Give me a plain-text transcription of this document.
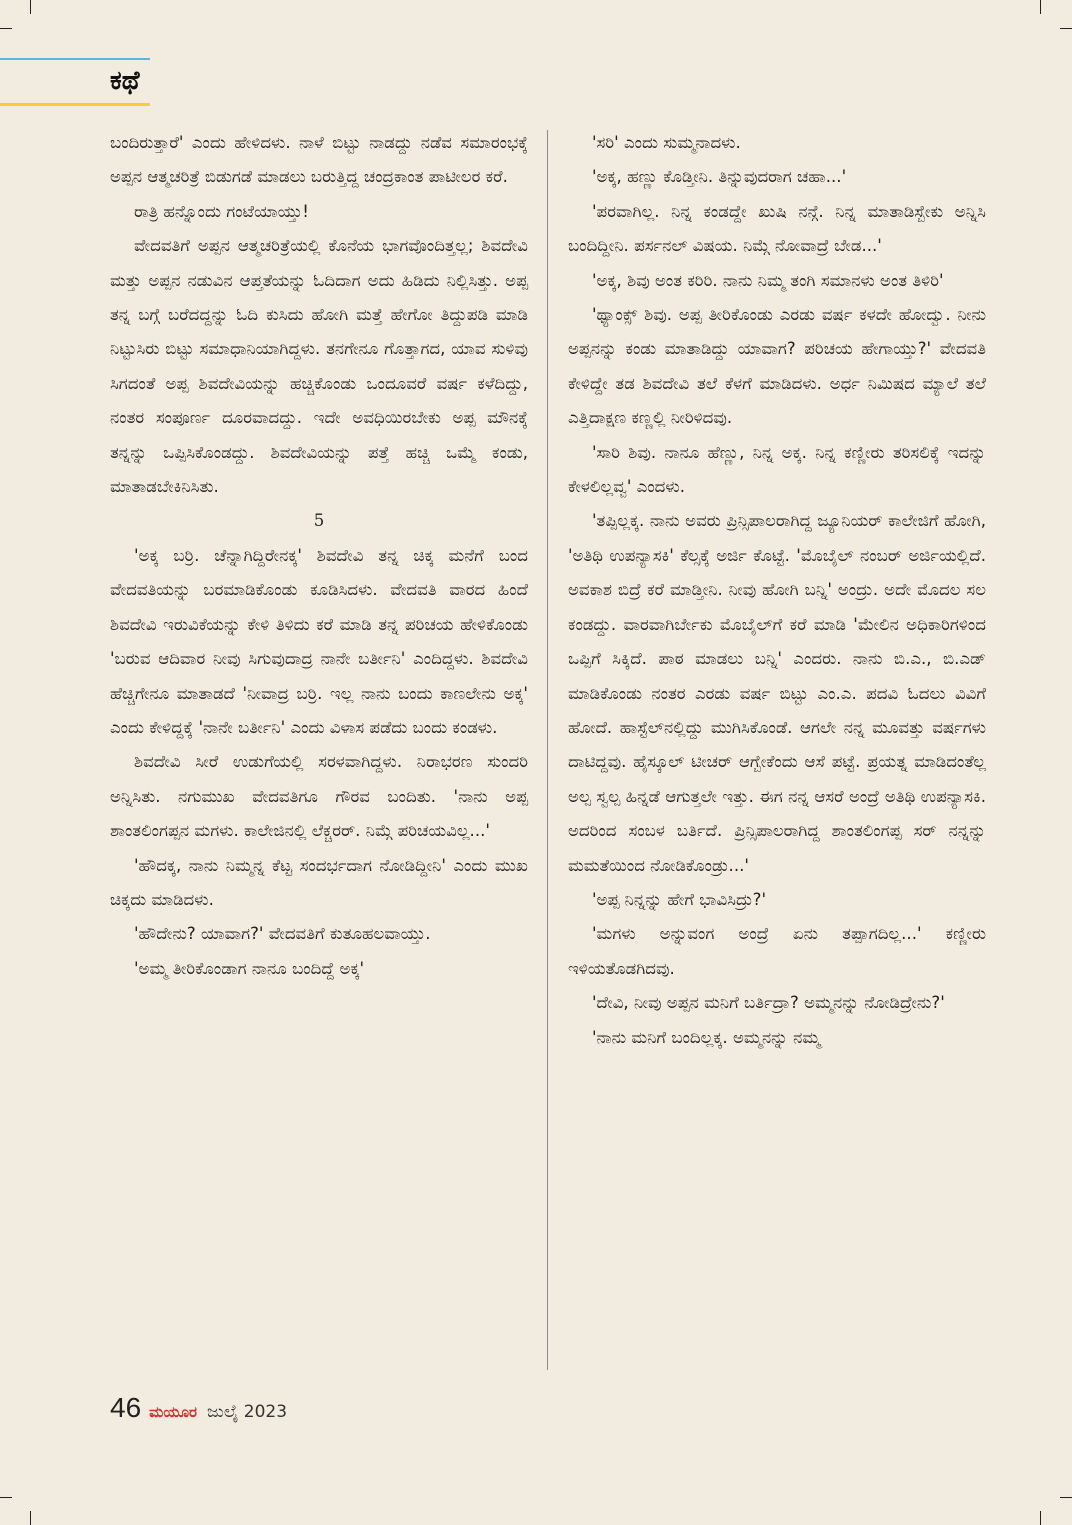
ಕಥೆ

ಬಂದಿರುತ್ತಾರೆ' ಎಂದು ಹೇಳಿದಳು. ನಾಳೆ ಬಿಟ್ಟು ನಾಡದ್ದು ನಡೆವ ಸಮಾರಂಭಕ್ಕೆ ಅಪ್ಪನ ಆತ್ಮಚರಿತ್ರೆ ಬಿಡುಗಡೆ ಮಾಡಲು ಬರುತ್ತಿದ್ದ ಚಂದ್ರಕಾಂತ ಪಾಟೀಲರ ಕರೆ.

ರಾತ್ರಿ ಹನ್ನೊಂದು ಗಂಟೆಯಾಯ್ತು!

ವೇದವತಿಗೆ ಅಪ್ಪನ ಆತ್ಮಚರಿತ್ರೆಯಲ್ಲಿ ಕೊನೆಯ ಭಾಗವೊಂದಿತ್ತಲ್ಲ; ಶಿವದೇವಿ ಮತ್ತು ಅಪ್ಪನ ನಡುವಿನ ಆಪ್ತತೆಯನ್ನು ಓದಿದಾಗ ಅದು ಹಿಡಿದು ನಿಲ್ಲಿಸಿತ್ತು. ಅಪ್ಪ ತನ್ನ ಬಗ್ಗೆ ಬರೆದದ್ದನ್ನು ಓದಿ ಕುಸಿದು ಹೋಗಿ ಮತ್ತೆ ಹೇಗೋ ತಿದ್ದುಪಡಿ ಮಾಡಿ ನಿಟ್ಟುಸಿರು ಬಿಟ್ಟು ಸಮಾಧಾನಿಯಾಗಿದ್ದಳು. ತನಗೇನೂ ಗೊತ್ತಾಗದ, ಯಾವ ಸುಳಿವು ಸಿಗದಂತೆ ಅಪ್ಪ ಶಿವದೇವಿಯನ್ನು ಹಚ್ಚಿಕೊಂಡು ಒಂದೂವರೆ ವರ್ಷ ಕಳೆದಿದ್ದು, ನಂತರ ಸಂಪೂರ್ಣ ದೂರವಾದದ್ದು. ಇದೇ ಅವಧಿಯಿರಬೇಕು ಅಪ್ಪ ಮೌನಕ್ಕೆ ತನ್ನನ್ನು ಒಪ್ಪಿಸಿಕೊಂಡದ್ದು. ಶಿವದೇವಿಯನ್ನು ಪತ್ತೆ ಹಚ್ಚಿ ಒಮ್ಮೆ ಕಂಡು, ಮಾತಾಡಬೇಕಿನಿಸಿತು.

5

'ಅಕ್ಕ ಬರ್ರಿ. ಚೆನ್ನಾಗಿದ್ದಿರೇನಕ್ಕ' ಶಿವದೇವಿ ತನ್ನ ಚಿಕ್ಕ ಮನೆಗೆ ಬಂದ ವೇದವತಿಯನ್ನು ಬರಮಾಡಿಕೊಂಡು ಕೂಡಿಸಿದಳು. ವೇದವತಿ ವಾರದ ಹಿಂದೆ ಶಿವದೇವಿ ಇರುವಿಕೆಯನ್ನು ಕೇಳಿ ತಿಳಿದು ಕರೆ ಮಾಡಿ ತನ್ನ ಪರಿಚಯ ಹೇಳಿಕೊಂಡು 'ಬರುವ ಆದಿವಾರ ನೀವು ಸಿಗುವುದಾದ್ರ ನಾನೇ ಬರ್ತೀನಿ' ಎಂದಿದ್ದಳು. ಶಿವದೇವಿ ಹೆಚ್ಚಿಗೇನೂ ಮಾತಾಡದೆ 'ನೀವಾದ್ರ ಬರ್ರಿ. ಇಲ್ಲ ನಾನು ಬಂದು ಕಾಣಲೇನು ಅಕ್ಕ' ಎಂದು ಕೇಳಿದ್ದಕ್ಕೆ 'ನಾನೇ ಬರ್ತೀನಿ' ಎಂದು ವಿಳಾಸ ಪಡೆದು ಬಂದು ಕಂಡಳು.

ಶಿವದೇವಿ ಸೀರೆ ಉಡುಗೆಯಲ್ಲಿ ಸರಳವಾಗಿದ್ದಳು. ನಿರಾಭರಣ ಸುಂದರಿ ಅನ್ನಿಸಿತು. ನಗುಮುಖ ವೇದವತಿಗೂ ಗೌರವ ಬಂದಿತು. 'ನಾನು ಅಪ್ಪ ಶಾಂತಲಿಂಗಪ್ಪನ ಮಗಳು. ಕಾಲೇಜಿನಲ್ಲಿ ಲೆಕ್ಚರರ್. ನಿಮ್ಗೆ ಪರಿಚಯವಿಲ್ಲ...'

'ಹೌದಕ್ಕ, ನಾನು ನಿಮ್ಮನ್ನ ಕೆಟ್ಟ ಸಂದರ್ಭದಾಗ ನೋಡಿದ್ದೀನಿ' ಎಂದು ಮುಖ ಚಿಕ್ಕದು ಮಾಡಿದಳು.

'ಹೌದೇನು? ಯಾವಾಗ?' ವೇದವತಿಗೆ ಕುತೂಹಲವಾಯ್ತು.

'ಅಮ್ಮ ತೀರಿಕೊಂಡಾಗ ನಾನೂ ಬಂದಿದ್ದೆ ಅಕ್ಕ'

'ಸರಿ' ಎಂದು ಸುಮ್ಮನಾದಳು.

'ಅಕ್ಕ, ಹಣ್ಣು ಕೊಡ್ತೀನಿ. ತಿನ್ನುವುದರಾಗ ಚಹಾ...'

'ಪರವಾಗಿಲ್ಲ. ನಿನ್ನ ಕಂಡದ್ದೇ ಖುಷಿ ನನ್ಗೆ. ನಿನ್ನ ಮಾತಾಡಿಸ್ಬೇಕು ಅನ್ನಿಸಿ ಬಂದಿದ್ದೀನಿ. ಪರ್ಸನಲ್ ವಿಷಯ. ನಿಮ್ಗೆ ನೋವಾದ್ರೆ ಬೇಡ...'

'ಅಕ್ಕ, ಶಿವು ಅಂತ ಕರಿರಿ. ನಾನು ನಿಮ್ಮ ತಂಗಿ ಸಮಾನಳು ಅಂತ ತಿಳಿರಿ'

'ಥ್ಯಾಂಕ್ಸ್ ಶಿವು. ಅಪ್ಪ ತೀರಿಕೊಂಡು ಎರಡು ವರ್ಷ ಕಳದೇ ಹೋದ್ವು. ನೀನು ಅಪ್ಪನನ್ನು ಕಂಡು ಮಾತಾಡಿದ್ದು ಯಾವಾಗ? ಪರಿಚಯ ಹೇಗಾಯ್ತು?' ವೇದವತಿ ಕೇಳಿದ್ದೇ ತಡ ಶಿವದೇವಿ ತಲೆ ಕೆಳಗೆ ಮಾಡಿದಳು. ಅರ್ಧ ನಿಮಿಷದ ಮ್ಯಾಲೆ ತಲೆ ಎತ್ತಿದಾಕ್ಷಣ ಕಣ್ಣಲ್ಲಿ ನೀರಿಳಿದವು.

'ಸಾರಿ ಶಿವು. ನಾನೂ ಹೆಣ್ಣು, ನಿನ್ನ ಅಕ್ಕ. ನಿನ್ನ ಕಣ್ಣೀರು ತರಿಸಲಿಕ್ಕೆ ಇದನ್ನು ಕೇಳಲಿಲ್ಲವ್ವ' ಎಂದಳು.

'ತಪ್ಪಿಲ್ಲಕ್ಕ. ನಾನು ಅವರು ಪ್ರಿನ್ಸಿಪಾಲರಾಗಿದ್ದ ಜ್ಯೂನಿಯರ್ ಕಾಲೇಜಿಗೆ ಹೋಗಿ, 'ಅತಿಥಿ ಉಪನ್ಯಾಸಕಿ' ಕೆಲ್ಸಕ್ಕೆ ಅರ್ಜಿ ಕೊಟ್ಟೆ. 'ಮೊಬೈಲ್ ನಂಬರ್ ಅರ್ಜಿಯಲ್ಲಿದೆ. ಅವಕಾಶ ಬಿದ್ರೆ ಕರೆ ಮಾಡ್ತೀನಿ. ನೀವು ಹೋಗಿ ಬನ್ನಿ' ಅಂದ್ರು. ಅದೇ ಮೊದಲ ಸಲ ಕಂಡದ್ದು. ವಾರವಾಗಿರ್ಬೇಕು ಮೊಬೈಲ್‌ಗೆ ಕರೆ ಮಾಡಿ 'ಮೇಲಿನ ಅಧಿಕಾರಿಗಳಿಂದ ಒಪ್ಪಿಗೆ ಸಿಕ್ಕಿದೆ. ಪಾಠ ಮಾಡಲು ಬನ್ನಿ' ಎಂದರು. ನಾನು ಬಿ.ಎ., ಬಿ.ಎಡ್ ಮಾಡಿಕೊಂಡು ನಂತರ ಎರಡು ವರ್ಷ ಬಿಟ್ಟು ಎಂ.ಎ. ಪದವಿ ಓದಲು ವಿವಿಗೆ ಹೋದೆ. ಹಾಸ್ಟೆಲ್‌ನಲ್ಲಿದ್ದು ಮುಗಿಸಿಕೊಂಡೆ. ಆಗಲೇ ನನ್ನ ಮೂವತ್ತು ವರ್ಷಗಳು ದಾಟಿದ್ದವು. ಹೈಸ್ಕೂಲ್ ಟೀಚರ್ ಆಗ್ಬೇಕೆಂದು ಆಸೆ ಪಟ್ಟೆ. ಪ್ರಯತ್ನ ಮಾಡಿದಂತೆಲ್ಲ ಅಲ್ಪ ಸ್ವಲ್ಪ ಹಿನ್ನಡೆ ಆಗುತ್ತಲೇ ಇತ್ತು. ಈಗ ನನ್ನ ಆಸರೆ ಅಂದ್ರೆ ಅತಿಥಿ ಉಪನ್ಯಾಸಕಿ. ಅದರಿಂದ ಸಂಬಳ ಬರ್ತಿದೆ. ಪ್ರಿನ್ಸಿಪಾಲರಾಗಿದ್ದ ಶಾಂತಲಿಂಗಪ್ಪ ಸರ್ ನನ್ನನ್ನು ಮಮತೆಯಿಂದ ನೋಡಿಕೊಂಡ್ರು...'

'ಅಪ್ಪ ನಿನ್ನನ್ನು ಹೇಗೆ ಭಾವಿಸಿದ್ರು?'

'ಮಗಳು ಅನ್ನುವಂಗ ಅಂದ್ರೆ ಏನು ತಪ್ಪಾಗದಿಲ್ಲ...' ಕಣ್ಣೀರು ಇಳಿಯತೊಡಗಿದವು.

'ದೇವಿ, ನೀವು ಅಪ್ಪನ ಮನಿಗೆ ಬರ್ತಿದ್ರಾ? ಅಮ್ಮನನ್ನು ನೋಡಿದ್ರೇನು?'

'ನಾನು ಮನಿಗೆ ಬಂದಿಲ್ಲಕ್ಕ. ಅಮ್ಮನನ್ನು ನಮ್ಮ

46 ಮಯೂರ ಜುಲೈ 2023
